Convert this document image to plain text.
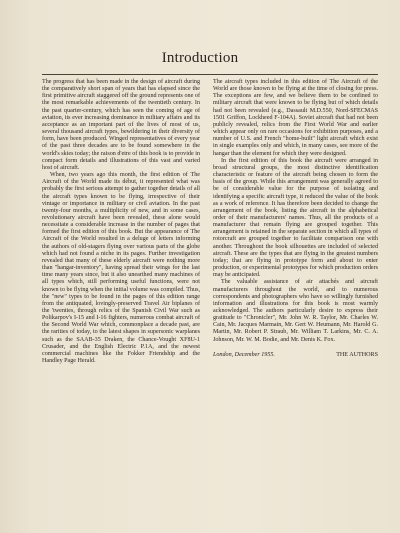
Introduction

The progress that has been made in the design of aircraft during the comparatively short span of years that has elapsed since the first primitive aircraft staggered off the ground represents one of the most remarkable achievements of the twentieth century. In the past quarter-century, which has seen the coming of age of aviation, its ever increasing dominance in military affairs and its acceptance as an important part of the lives of most of us, several thousand aircraft types, bewildering in their diversity of form, have been produced. Winged representatives of every year of the past three decades are to be found somewhere in the world's skies today; the raison d'etre of this book is to provide in compact form details and illustrations of this vast and varied host of aircraft.

When, two years ago this month, the first edition of The Aircraft of the World made its début, it represented what was probably the first serious attempt to gather together details of all the aircraft types known to be flying, irrespective of their vintage or importance in military or civil aviation. In the past twenty-four months, a multiplicity of new, and in some cases, revolutionary aircraft have been revealed, these alone would necessitate a considerable increase in the number of pages that formed the first edition of this book. But the appearance of The Aircraft of the World resulted in a deluge of letters informing the authors of old-stagers flying over various parts of the globe which had not found a niche in its pages. Further investigation revealed that many of these elderly aircraft were nothing more than "hangar-inventory", having spread their wings for the last time many years since, but it also unearthed many machines of all types which, still performing useful functions, were not known to be flying when the initial volume was compiled. Thus, the "new" types to be found in the pages of this edition range from the antiquated, lovingly-preserved Travel Air biplanes of the 'twenties, through relics of the Spanish Civil War such as Polikarpov's I-15 and I-16 fighters, numerous combat aircraft of the Second World War which, commonplace a decade past, are the rarities of today, to the latest shapes in supersonic warplanes such as the SAAB-35 Draken, the Chance-Vought XF8U-1 Crusader, and the English Electric P.1A, and the newest commercial machines like the Fokker Friendship and the Handley Page Herald.

The aircraft types included in this edition of The Aircraft of the World are those known to be flying at the time of closing for press. The exceptions are few, and we believe them to be confined to military aircraft that were known to be flying but of which details had not been revealed (e.g., Dassault M.D.550, Nord-SFECMAS 1501 Griffon, Lockheed F-104A). Soviet aircraft that had not been publicly revealed, relics from the First World War and earlier which appear only on rare occasions for exhibition purposes, and a number of U.S. and French "home-built" light aircraft which exist in single examples only and which, in many cases, see more of the hangar than the element for which they were designed.

In the first edition of this book the aircraft were arranged in broad structural groups, the most distinctive identification characteristic or feature of the aircraft being chosen to form the basis of the group. While this arrangement was generally agreed to be of considerable value for the purpose of isolating and identifying a specific aircraft type, it reduced the value of the book as a work of reference. It has therefore been decided to change the arrangement of the book, listing the aircraft in the alphabetical order of their manufacturers' names. Thus, all the products of a manufacturer that remain flying are grouped together. This arrangement is retained in the separate section in which all types of rotorcraft are grouped together to facilitate comparison one with another. Throughout the book silhouettes are included of selected aircraft. These are the types that are flying in the greatest numbers today; that are flying in prototype form and about to enter production, or experimental prototypes for which production orders may be anticipated.

The valuable assistance of air attachés and aircraft manufacturers throughout the world, and to numerous correspondents and photographers who have so willingly furnished information and illustrations for this book is most warmly acknowledged. The authors particularly desire to express their gratitude to "Chronicler", Mr. John W. R. Taylor, Mr. Charles W. Cain, Mr. Jacques Marmain, Mr. Gert W. Heumann, Mr. Harold G. Martin, Mr. Robert P. Straub, Mr. William T. Larkins, Mr. C. A. Johnson, Mr. W. M. Bodie, and Mr. Denis K. Fox.

London, December 1955.	THE AUTHORS
